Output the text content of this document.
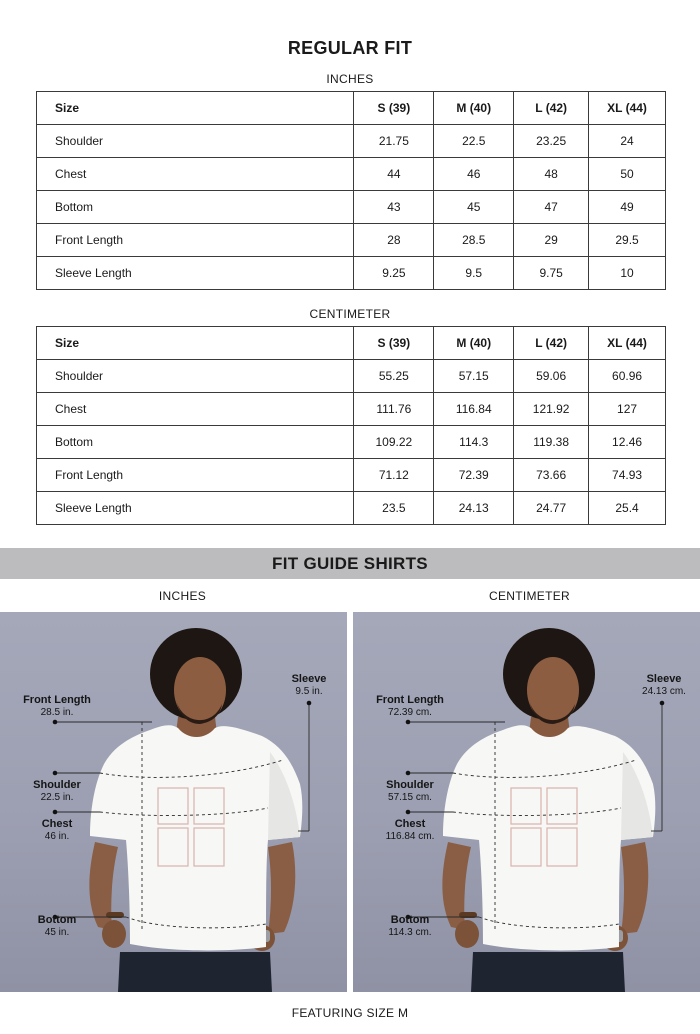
REGULAR FIT
INCHES
Size	S (39)	M (40)	L (42)	XL (44)
Shoulder	21.75	22.5	23.25	24
Chest	44	46	48	50
Bottom	43	45	47	49
Front Length	28	28.5	29	29.5
Sleeve Length	9.25	9.5	9.75	10
CENTIMETER
Size	S (39)	M (40)	L (42)	XL (44)
Shoulder	55.25	57.15	59.06	60.96
Chest	111.76	116.84	121.92	127
Bottom	109.22	114.3	119.38	12.46
Front Length	71.12	72.39	73.66	74.93
Sleeve Length	23.5	24.13	24.77	25.4
FIT GUIDE SHIRTS
INCHES	CENTIMETER
Front Length
28.5 in.
Shoulder
22.5 in.
Chest
46 in.
Bottom
45 in.
Sleeve
9.5 in.
Front Length
72.39 cm.
Shoulder
57.15 cm.
Chest
116.84 cm.
Bottom
114.3 cm.
Sleeve
24.13 cm.
FEATURING SIZE M
